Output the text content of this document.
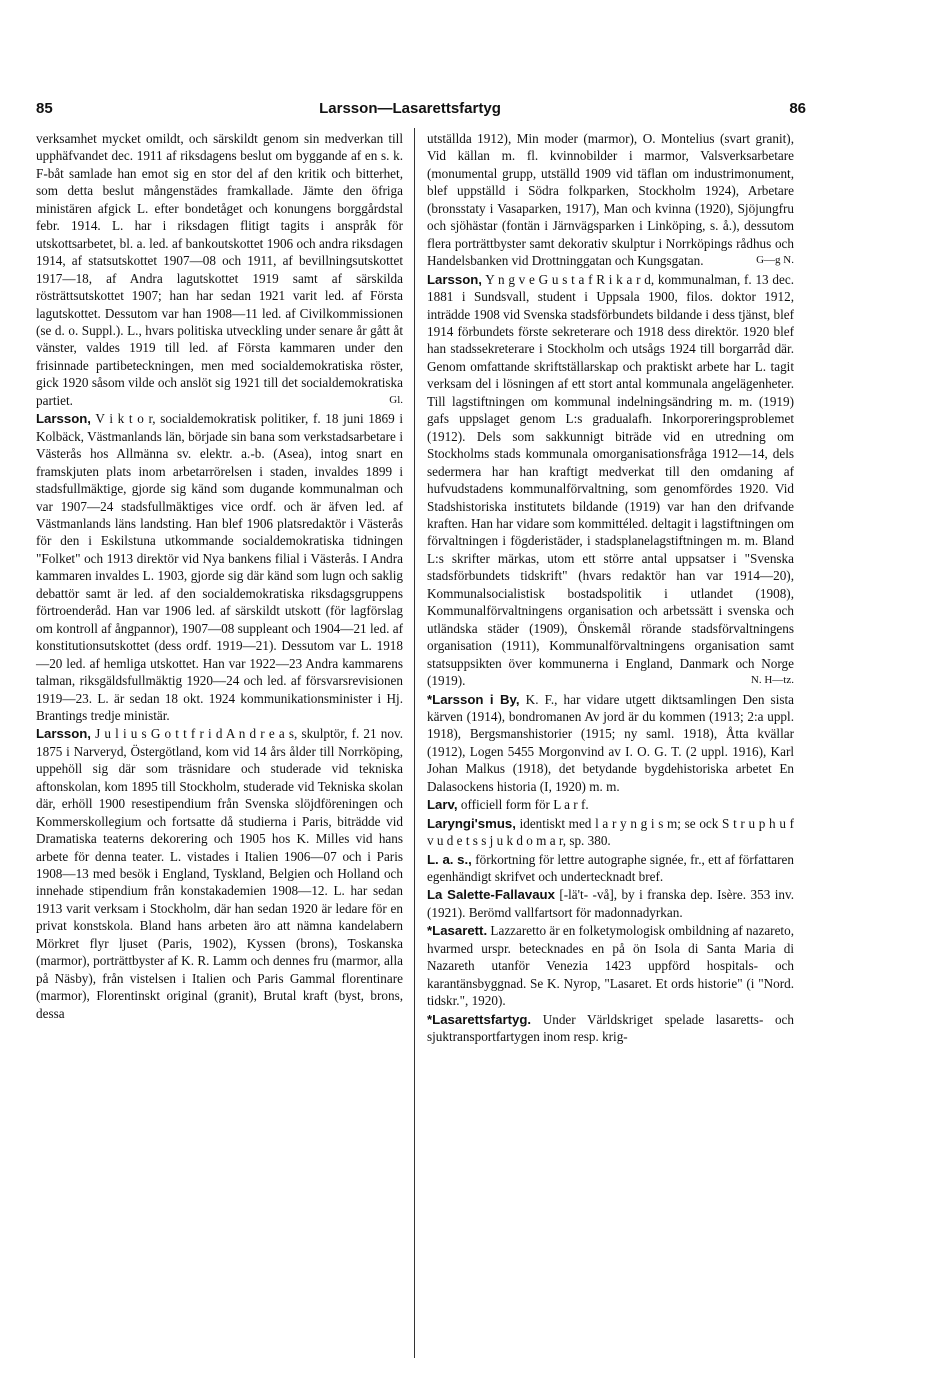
85	Larsson—Lasarettsfartyg	86

verksamhet mycket omildt, och särskildt genom sin medverkan till upphäfvandet dec. 1911 af riksdagens beslut om byggande af en s. k. F-båt samlade han emot sig en stor del af den kritik och bitterhet, som detta beslut mångenstädes framkallade. Jämte den öfriga ministären afgick L. efter bondetåget och konungens borggårdstal febr. 1914. L. har i riksdagen flitigt tagits i anspråk för utskottsarbetet, bl. a. led. af bankoutskottet 1906 och andra riksdagen 1914, af statsutskottet 1907—08 och 1911, af bevillningsutskottet 1917—18, af Andra lagutskottet 1919 samt af särskilda rösträttsutskottet 1907; han har sedan 1921 varit led. af Första lagutskottet. Dessutom var han 1908—11 led. af Civilkommissionen (se d. o. Suppl.). L., hvars politiska utveckling under senare år gått åt vänster, valdes 1919 till led. af Första kammaren under den frisinnade partibeteckningen, men med socialdemokratiska röster, gick 1920 såsom vilde och anslöt sig 1921 till det socialdemokratiska partiet.	Gl.

Larsson, V i k t o r, socialdemokratisk politiker, f. 18 juni 1869 i Kolbäck, Västmanlands län, började sin bana som verkstadsarbetare i Västerås hos Allmänna sv. elektr. a.-b. (Asea), intog snart en framskjuten plats inom arbetarrörelsen i staden, invaldes 1899 i stadsfullmäktige, gjorde sig känd som dugande kommunalman och var 1907—24 stadsfullmäktiges vice ordf. och är äfven led. af Västmanlands läns landsting. Han blef 1906 platsredaktör i Västerås för den i Eskilstuna utkommande socialdemokratiska tidningen "Folket" och 1913 direktör vid Nya bankens filial i Västerås. I Andra kammaren invaldes L. 1903, gjorde sig där känd som lugn och saklig debattör samt är led. af den socialdemokratiska riksdagsgruppens förtroenderåd. Han var 1906 led. af särskildt utskott (för lagförslag om kontroll af ångpannor), 1907—08 suppleant och 1904—21 led. af konstitutionsutskottet (dess ordf. 1919—21). Dessutom var L. 1918—20 led. af hemliga utskottet. Han var 1922—23 Andra kammarens talman, riksgäldsfullmäktig 1920—24 och led. af försvarsrevisionen 1919—23. L. är sedan 18 okt. 1924 kommunikationsminister i Hj. Brantings tredje ministär.

Larsson, J u l i u s G o t t f r i d A n d r e a s, skulptör, f. 21 nov. 1875 i Narveryd, Östergötland, kom vid 14 års ålder till Norrköping, uppehöll sig där som träsnidare och studerade vid tekniska aftonskolan, kom 1895 till Stockholm, studerade vid Tekniska skolan där, erhöll 1900 resestipendium från Svenska slöjdföreningen och Kommerskollegium och fortsatte då studierna i Paris, biträdde vid Dramatiska teaterns dekorering och 1905 hos K. Milles vid hans arbete för denna teater. L. vistades i Italien 1906—07 och i Paris 1908—13 med besök i England, Tyskland, Belgien och Holland och innehade stipendium från konstakademien 1908—12. L. har sedan 1913 varit verksam i Stockholm, där han sedan 1920 är ledare för en privat konstskola. Bland hans arbeten äro att nämna kandelabern Mörkret flyr ljuset (Paris, 1902), Kyssen (brons), Toskanska (marmor), porträttbyster af K. R. Lamm och dennes fru (marmor, alla på Näsby), från vistelsen i Italien och Paris Gammal florentinare (marmor), Florentinskt original (granit), Brutal kraft (byst, brons, dessa

utställda 1912), Min moder (marmor), O. Montelius (svart granit), Vid källan m. fl. kvinnobilder i marmor, Valsverksarbetare (monumental grupp, utställd 1909 vid täflan om industrimonument, blef uppställd i Södra folkparken, Stockholm 1924), Arbetare (bronsstaty i Vasaparken, 1917), Man och kvinna (1920), Sjöjungfru och sjöhästar (fontän i Järnvägsparken i Linköping, s. å.), dessutom flera porträttbyster samt dekorativ skulptur i Norrköpings rådhus och Handelsbanken vid Drottninggatan och Kungsgatan.	G—g N.

Larsson, Y n g v e G u s t a f R i k a r d, kommunalman, f. 13 dec. 1881 i Sundsvall, student i Uppsala 1900, filos. doktor 1912, inträdde 1908 vid Svenska stadsförbundets bildande i dess tjänst, blef 1914 förbundets förste sekreterare och 1918 dess direktör. 1920 blef han stadssekreterare i Stockholm och utsågs 1924 till borgarråd där. Genom omfattande skriftställarskap och praktiskt arbete har L. tagit verksam del i lösningen af ett stort antal kommunala angelägenheter. Till lagstiftningen om kommunal indelningsändring m. m. (1919) gafs uppslaget genom L:s gradualafh. Inkorporeringsproblemet (1912). Dels som sakkunnigt biträde vid en utredning om Stockholms stads kommunala omorganisationsfråga 1912—14, dels sedermera har han kraftigt medverkat till den omdaning af hufvudstadens kommunalförvaltning, som genomfördes 1920. Vid Stadshistoriska institutets bildande (1919) var han den drifvande kraften. Han har vidare som kommittéled. deltagit i lagstiftningen om förvaltningen i fögderistäder, i stadsplanelagstiftningen m. m. Bland L:s skrifter märkas, utom ett större antal uppsatser i "Svenska stadsförbundets tidskrift" (hvars redaktör han var 1914—20), Kommunalsocialistisk bostadspolitik i utlandet (1908), Kommunalförvaltningens organisation och arbetssätt i svenska och utländska städer (1909), Önskemål rörande stadsförvaltningens organisation (1911), Kommunalförvaltningens organisation samt statsuppsikten över kommunerna i England, Danmark och Norge (1919).	N. H—tz.

*Larsson i By, K. F., har vidare utgett diktsamlingen Den sista kärven (1914), bondromanen Av jord är du kommen (1913; 2:a uppl. 1918), Bergsmanshistorier (1915; ny saml. 1918), Åtta kvällar (1912), Logen 5455 Morgonvind av I. O. G. T. (2 uppl. 1916), Karl Johan Malkus (1918), det betydande bygdehistoriska arbetet En Dalasockens historia (I, 1920) m. m.

Larv, officiell form för L a r f.

Laryngi'smus, identiskt med l a r y n g i s m; se ock S t r u p h u f v u d e t s s j u k d o m a r, sp. 380.

L. a. s., förkortning för lettre autographe signée, fr., ett af författaren egenhändigt skrifvet och undertecknadt bref.

La Salette-Fallavaux [-lä't- -vå], by i franska dep. Isère. 353 inv. (1921). Berömd vallfartsort för madonnadyrkan.

*Lasarett. Lazzaretto är en folketymologisk ombildning af nazareto, hvarmed urspr. betecknades en på ön Isola di Santa Maria di Nazareth utanför Venezia 1423 uppförd hospitals- och karantänsbyggnad. Se K. Nyrop, "Lasaret. Et ords historie" (i "Nord. tidskr.", 1920).

*Lasarettsfartyg. Under Världskriget spelade lasaretts- och sjuktransportfartygen inom resp. krig-
